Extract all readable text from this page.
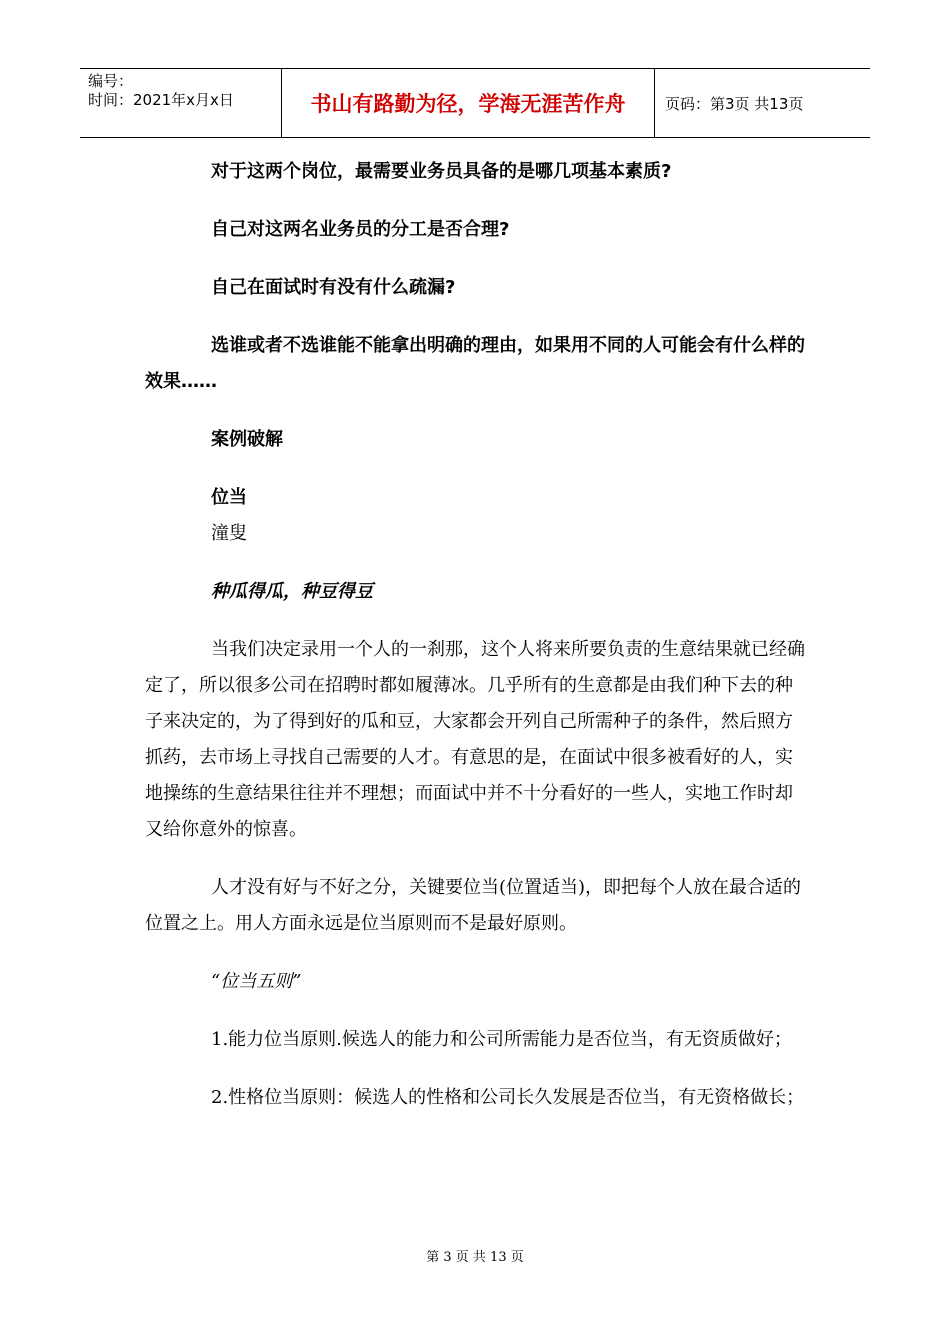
编号：
时间：2021年x月x日	书山有路勤为径，学海无涯苦作舟	页码：第3页 共13页

对于这两个岗位，最需要业务员具备的是哪几项基本素质?

自己对这两名业务员的分工是否合理?

自己在面试时有没有什么疏漏?

选谁或者不选谁能不能拿出明确的理由，如果用不同的人可能会有什么样的效果……

案例破解

位当

潼叟

种瓜得瓜，种豆得豆

当我们决定录用一个人的一刹那，这个人将来所要负责的生意结果就已经确定了，所以很多公司在招聘时都如履薄冰。几乎所有的生意都是由我们种下去的种子来决定的，为了得到好的瓜和豆，大家都会开列自己所需种子的条件，然后照方抓药，去市场上寻找自己需要的人才。有意思的是，在面试中很多被看好的人，实地操练的生意结果往往并不理想；而面试中并不十分看好的一些人，实地工作时却又给你意外的惊喜。

人才没有好与不好之分，关键要位当(位置适当)，即把每个人放在最合适的位置之上。用人方面永远是位当原则而不是最好原则。

“位当五则”

1.能力位当原则.候选人的能力和公司所需能力是否位当，有无资质做好；

2.性格位当原则：候选人的性格和公司长久发展是否位当，有无资格做长；

第 3 页 共 13 页
